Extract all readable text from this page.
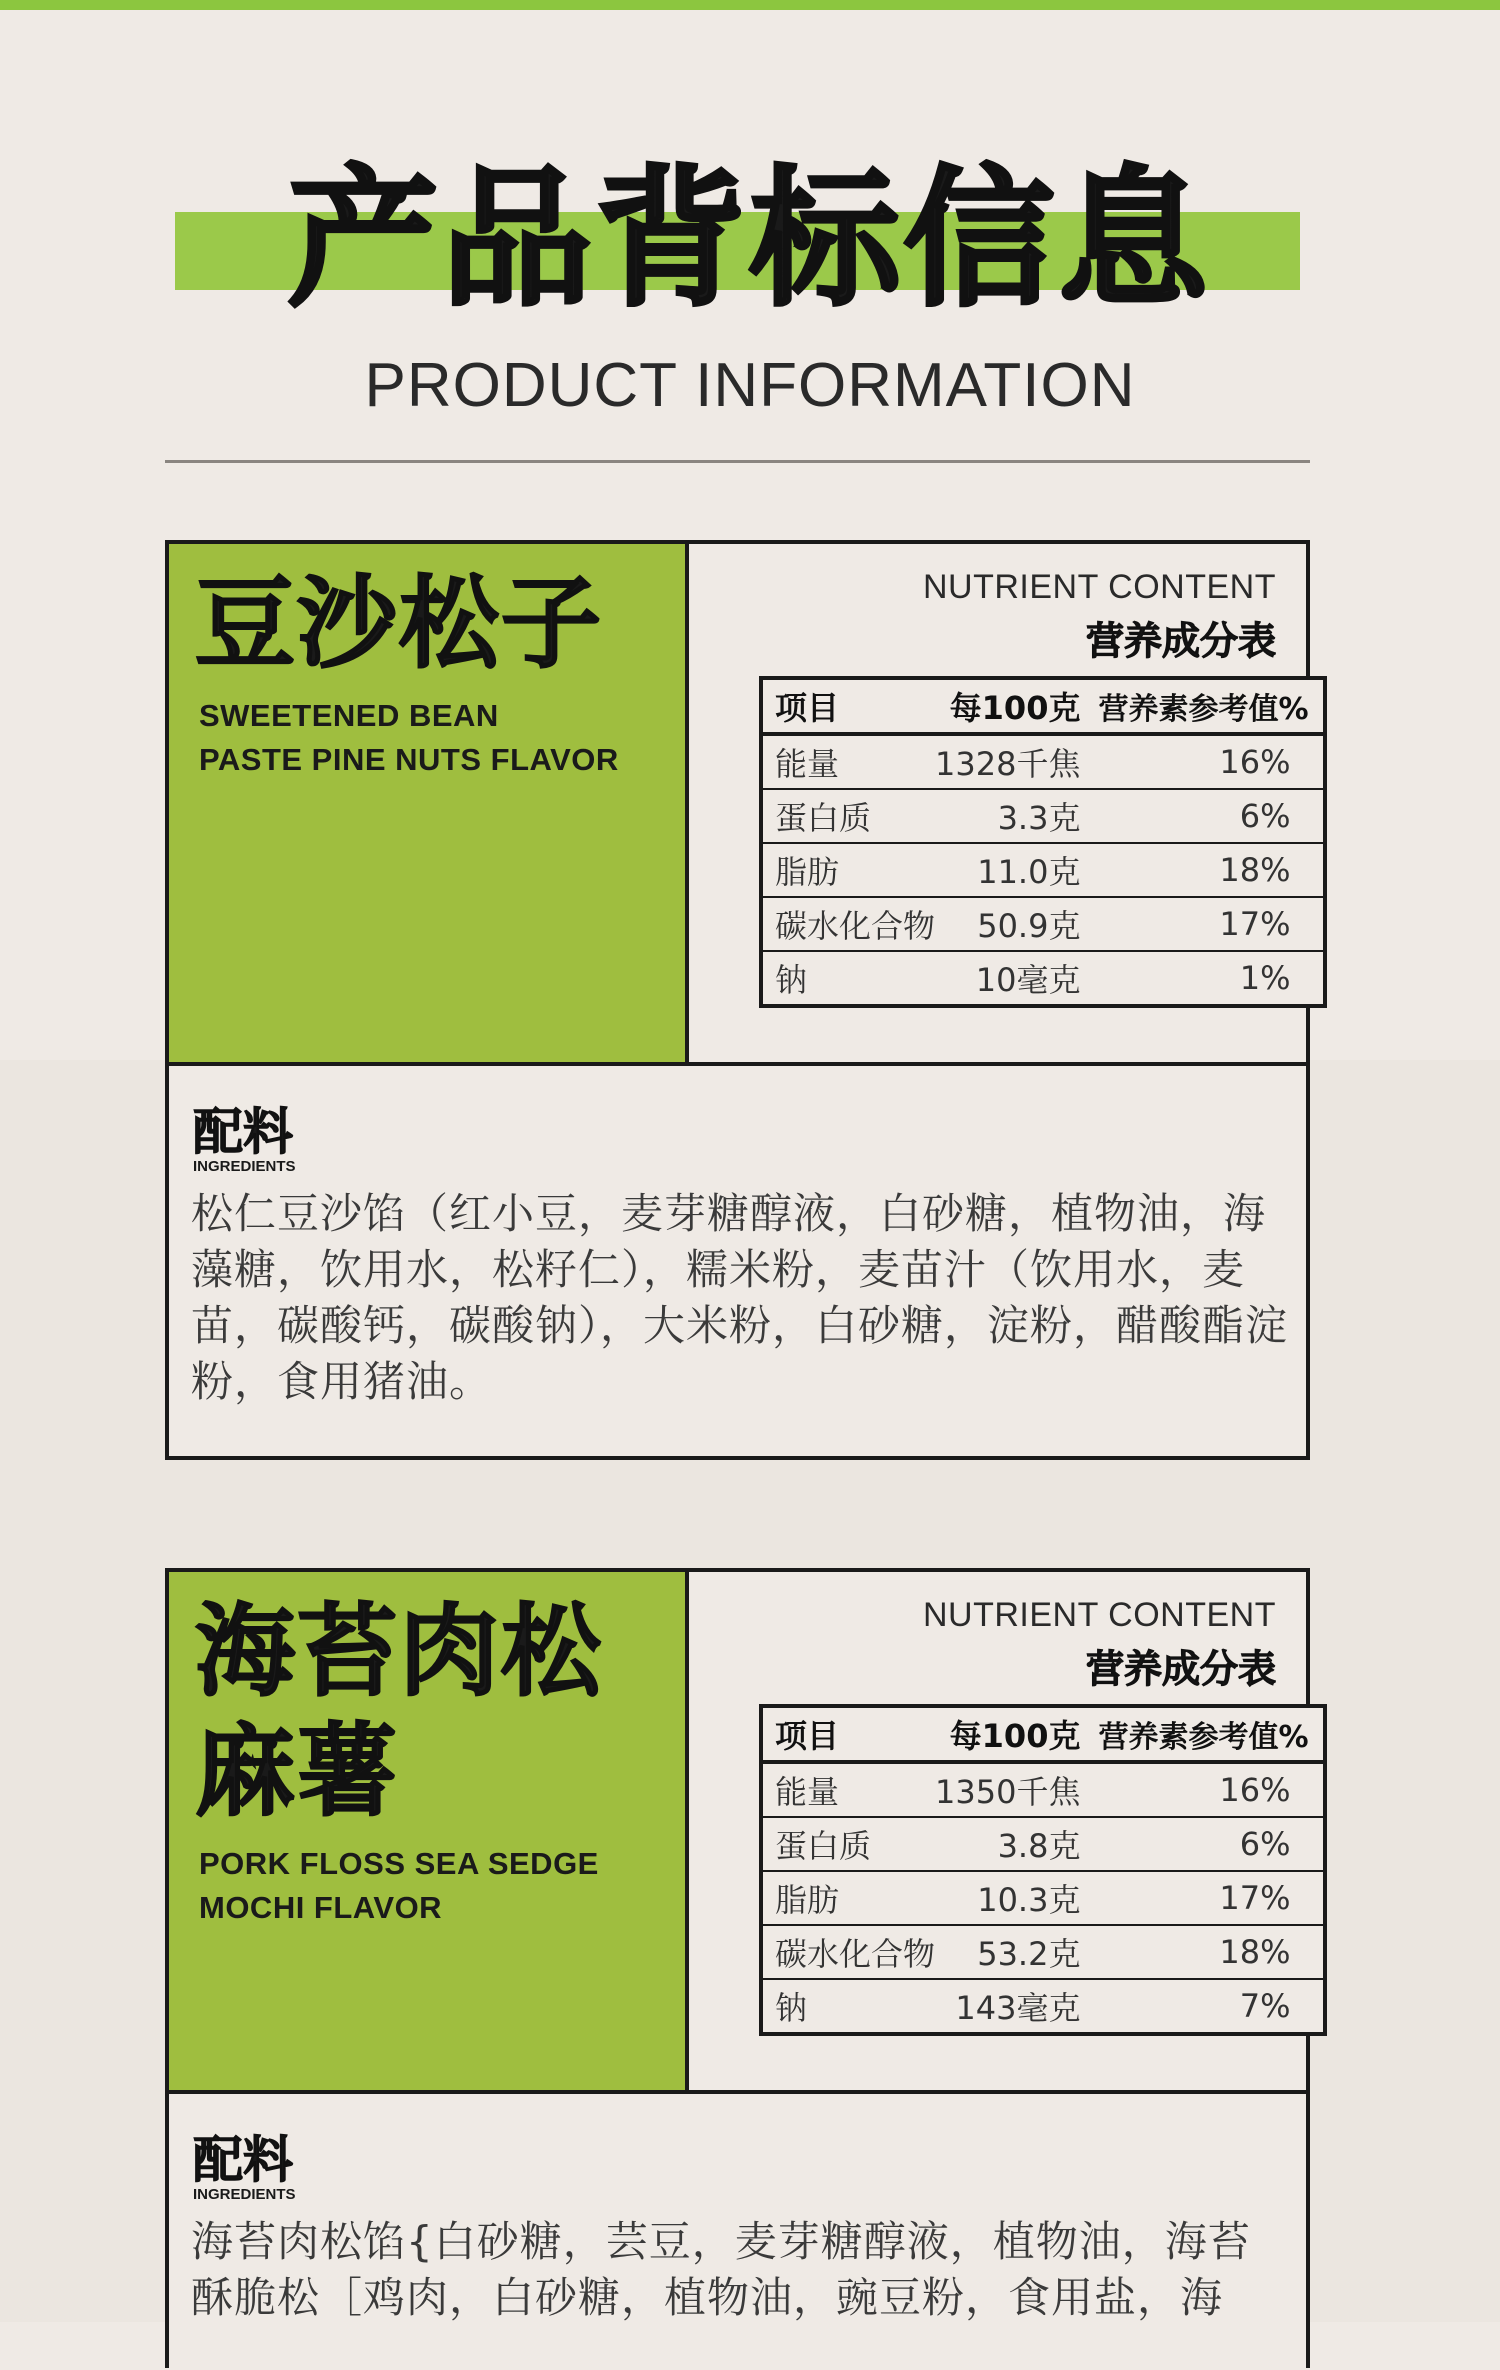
产品背标信息
PRODUCT INFORMATION
豆沙松子
SWEETENED BEAN
PASTE PINE NUTS FLAVOR
NUTRIENT CONTENT
营养成分表
项目	每100克	营养素参考值%
能量	1328千焦	16%
蛋白质	3.3克	6%
脂肪	11.0克	18%
碳水化合物	50.9克	17%
钠	10毫克	1%
配料
INGREDIENTS
松仁豆沙馅（红小豆，麦芽糖醇液，白砂糖，植物油，海藻糖，饮用水，松籽仁），糯米粉，麦苗汁（饮用水，麦苗，碳酸钙，碳酸钠），大米粉，白砂糖，淀粉，醋酸酯淀粉，食用猪油。
海苔肉松麻薯
PORK FLOSS SEA SEDGE
MOCHI FLAVOR
NUTRIENT CONTENT
营养成分表
项目	每100克	营养素参考值%
能量	1350千焦	16%
蛋白质	3.8克	6%
脂肪	10.3克	17%
碳水化合物	53.2克	18%
钠	143毫克	7%
配料
INGREDIENTS
海苔肉松馅{白砂糖，芸豆，麦芽糖醇液，植物油，海苔酥脆松［鸡肉，白砂糖，植物油，豌豆粉，食用盐，海
